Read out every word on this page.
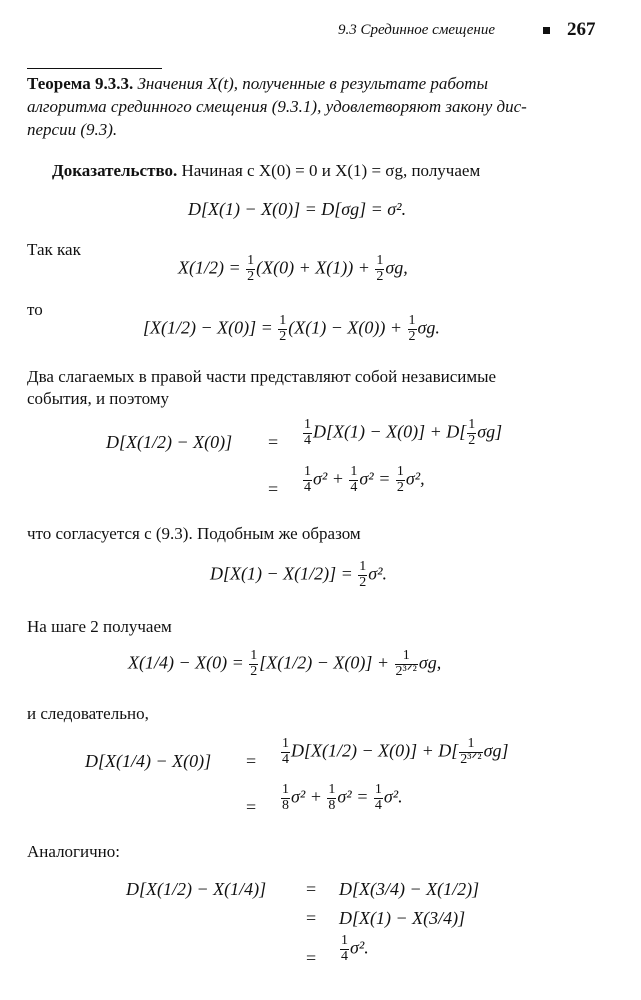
9.3 Срединное смещение	267
Теорема 9.3.3. Значения X(t), полученные в результате работы
алгоритма срединного смещения (9.3.1), удовлетворяют закону дис-
персии (9.3).
Доказательство. Начиная с X(0) = 0 и X(1) = σg, получаем
D[X(1) − X(0)] = D[σg] = σ².
Так как
$X(1/2) = \frac{1}{2} (X(0) + X(1)) + \frac{1}{2} \sigma g$,
то
$[X(1/2) - X(0)] = \frac{1}{2} (X(1) - X(0)) + \frac{1}{2} \sigma g$.
Два слагаемых в правой части представляют собой независимые
события, и поэтому
$D[X(1/2) - X(0)] = \frac{1}{4} D[X(1) - X(0)] + D[ \frac{1}{2} \sigma g]$
= $\frac{1}{4} \sigma^2 + \frac{1}{4} \sigma^2 = \frac{1}{2} \sigma^2$,
что согласуется с (9.3). Подобным же образом
$D[X(1) - X(1/2)] = \frac{1}{2} \sigma^2$.
На шаге 2 получаем
$X(1/4) - X(0) = \frac{1}{2} [X(1/2) - X(0)] + \frac{1}{\text{2³ᐟ²}} \sigma g$,
и следовательно,
$D[X(1/4) - X(0)] = \frac{1}{4} D[X(1/2) - X(0)] + D[ \frac{1}{\text{2³ᐟ²}} \sigma g]$
= $\frac{1}{8} \sigma^2 + \frac{1}{8} \sigma^2 = \frac{1}{4} \sigma^2$.
Аналогично:
D[X(1/2) − X(1/4)] = D[X(3/4) − X(1/2)]
= D[X(1) − X(3/4)]
= $\frac{1}{4} \sigma^2$.
